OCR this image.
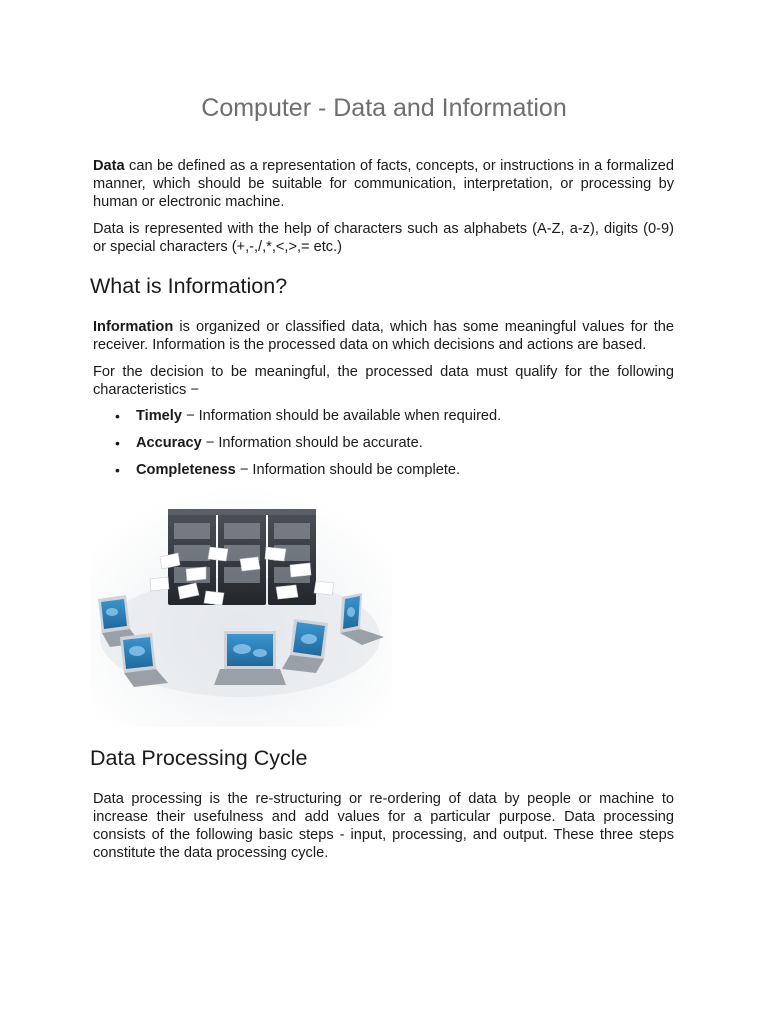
Computer - Data and Information
Data can be defined as a representation of facts, concepts, or instructions in a formalized manner, which should be suitable for communication, interpretation, or processing by human or electronic machine.
Data is represented with the help of characters such as alphabets (A-Z, a-z), digits (0-9) or special characters (+,-,/,*,<,>,= etc.)
What is Information?
Information is organized or classified data, which has some meaningful values for the receiver. Information is the processed data on which decisions and actions are based.
For the decision to be meaningful, the processed data must qualify for the following characteristics −
• Timely − Information should be available when required.
• Accuracy − Information should be accurate.
• Completeness − Information should be complete.
Data Processing Cycle
Data processing is the re-structuring or re-ordering of data by people or machine to increase their usefulness and add values for a particular purpose. Data processing consists of the following basic steps - input, processing, and output. These three steps constitute the data processing cycle.
